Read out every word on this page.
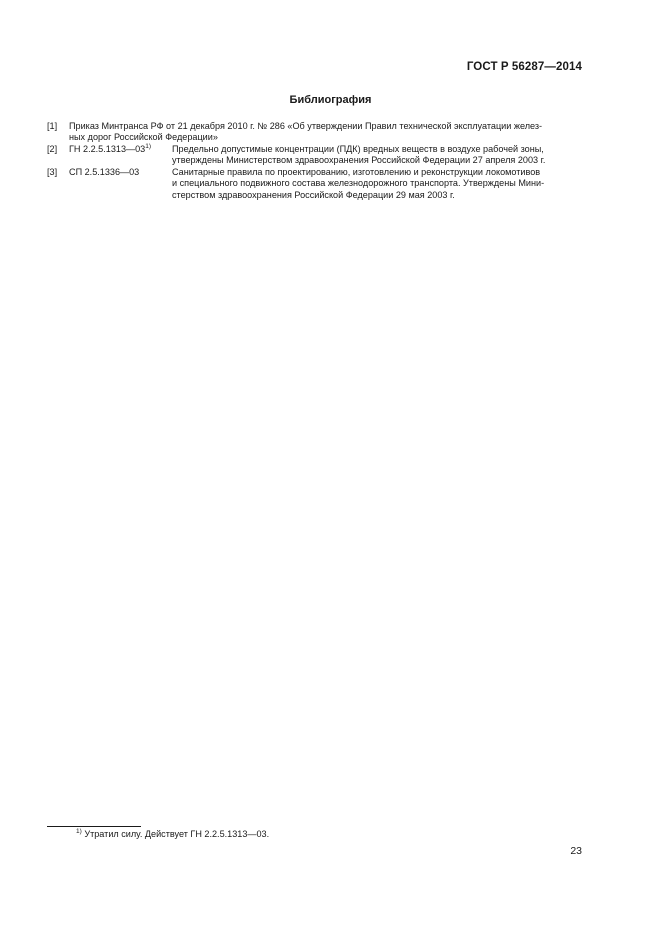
ГОСТ Р 56287—2014
Библиография
[1]	Приказ Минтранса РФ от 21 декабря 2010 г. № 286 «Об утверждении Правил технической эксплуатации желез-
ных дорог Российской Федерации»
[2]	ГН 2.2.5.1313—03$^{1)}$	Предельно допустимые концентрации (ПДК) вредных веществ в воздухе рабочей зоны,
утверждены Министерством здравоохранения Российской Федерации 27 апреля 2003 г.
[3]	СП 2.5.1336—03	Санитарные правила по проектированию, изготовлению и реконструкции локомотивов
и специального подвижного состава железнодорожного транспорта. Утверждены Мини-
стерством здравоохранения Российской Федерации 29 мая 2003 г.
$^{1)}$ Утратил силу. Действует ГН 2.2.5.1313—03.
23
